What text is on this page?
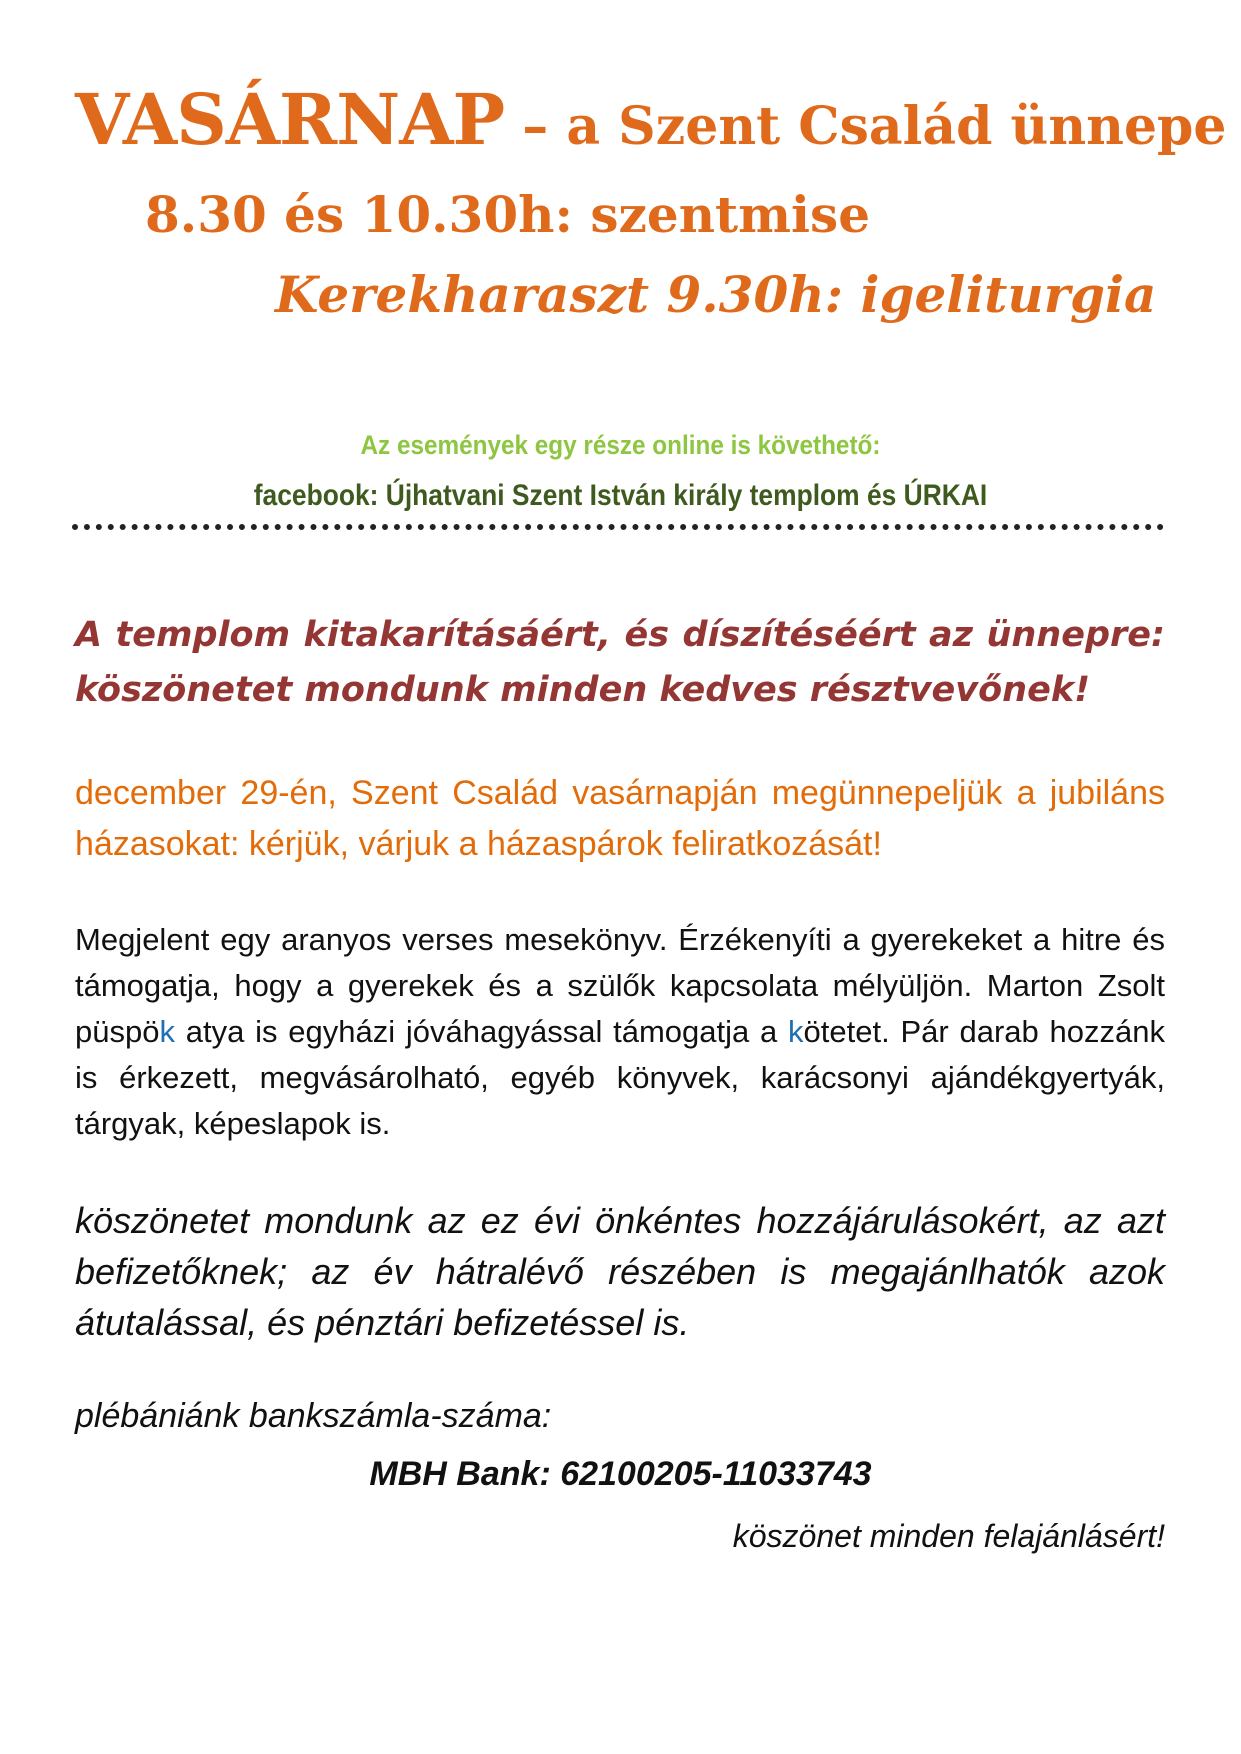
VASÁRNAP – a Szent Család ünnepe
8.30 és 10.30h: szentmise
Kerekharaszt 9.30h: igeliturgia
Az események egy része online is követhető:
facebook: Újhatvani Szent István király templom és ÚRKAI
A templom kitakarításáért, és díszítéséért az ünnepre: köszönetet mondunk minden kedves résztvevőnek!
december 29-én, Szent Család vasárnapján megünnepeljük a jubiláns házasokat: kérjük, várjuk a házaspárok feliratkozását!
Megjelent egy aranyos verses mesekönyv. Érzékenyíti a gyerekeket a hitre és támogatja, hogy a gyerekek és a szülők kapcsolata mélyüljön. Marton Zsolt püspök atya is egyházi jóváhagyással támogatja a kötetet. Pár darab hozzánk is érkezett, megvásárolható, egyéb könyvek, karácsonyi ajándékgyertyák, tárgyak, képeslapok is.
köszönetet mondunk az ez évi önkéntes hozzájárulásokért, az azt befizetőknek; az év hátralévő részében is megajánlhatók azok átutalással, és pénztári befizetéssel is.
plébániánk bankszámla-száma:
MBH Bank: 62100205-11033743
köszönet minden felajánlásért!
